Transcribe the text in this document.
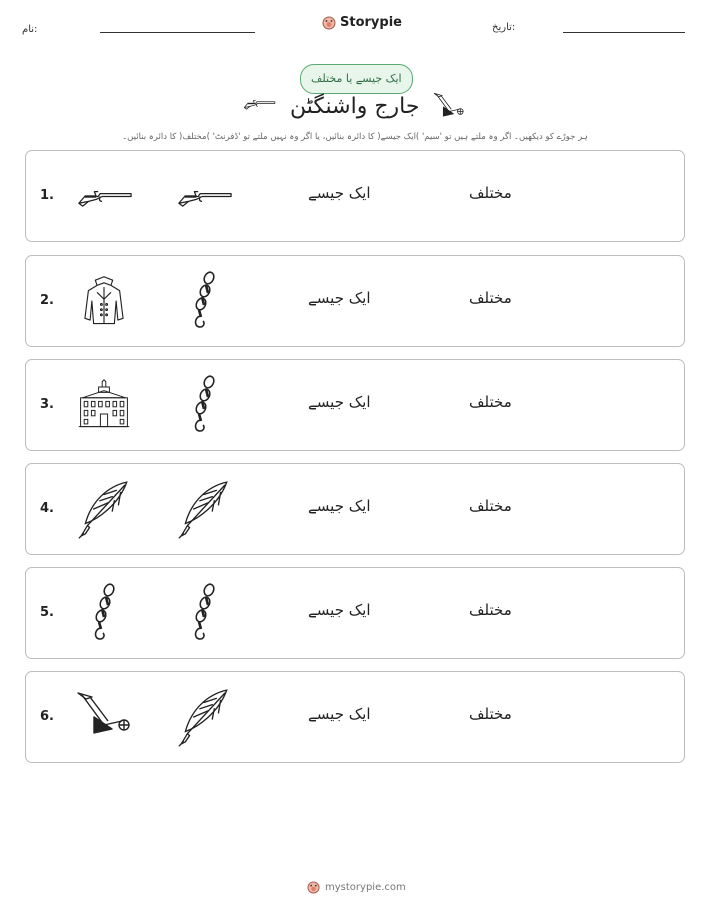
نام:	Storypie	تاریخ:
ایک جیسے یا مختلف
جارج واشنگٹن
ہر جوڑے کو دیکھیں۔ اگر وہ ملتے ہیں تو 'سیم' )ایک جیسے( کا دائرہ بنائیں، یا اگر وہ نہیں ملتے تو 'ڈفرنٹ' )مختلف( کا دائرہ بنائیں۔
1.	ایک جیسے	مختلف
2.	ایک جیسے	مختلف
3.	ایک جیسے	مختلف
4.	ایک جیسے	مختلف
5.	ایک جیسے	مختلف
6.	ایک جیسے	مختلف
mystorypie.com
